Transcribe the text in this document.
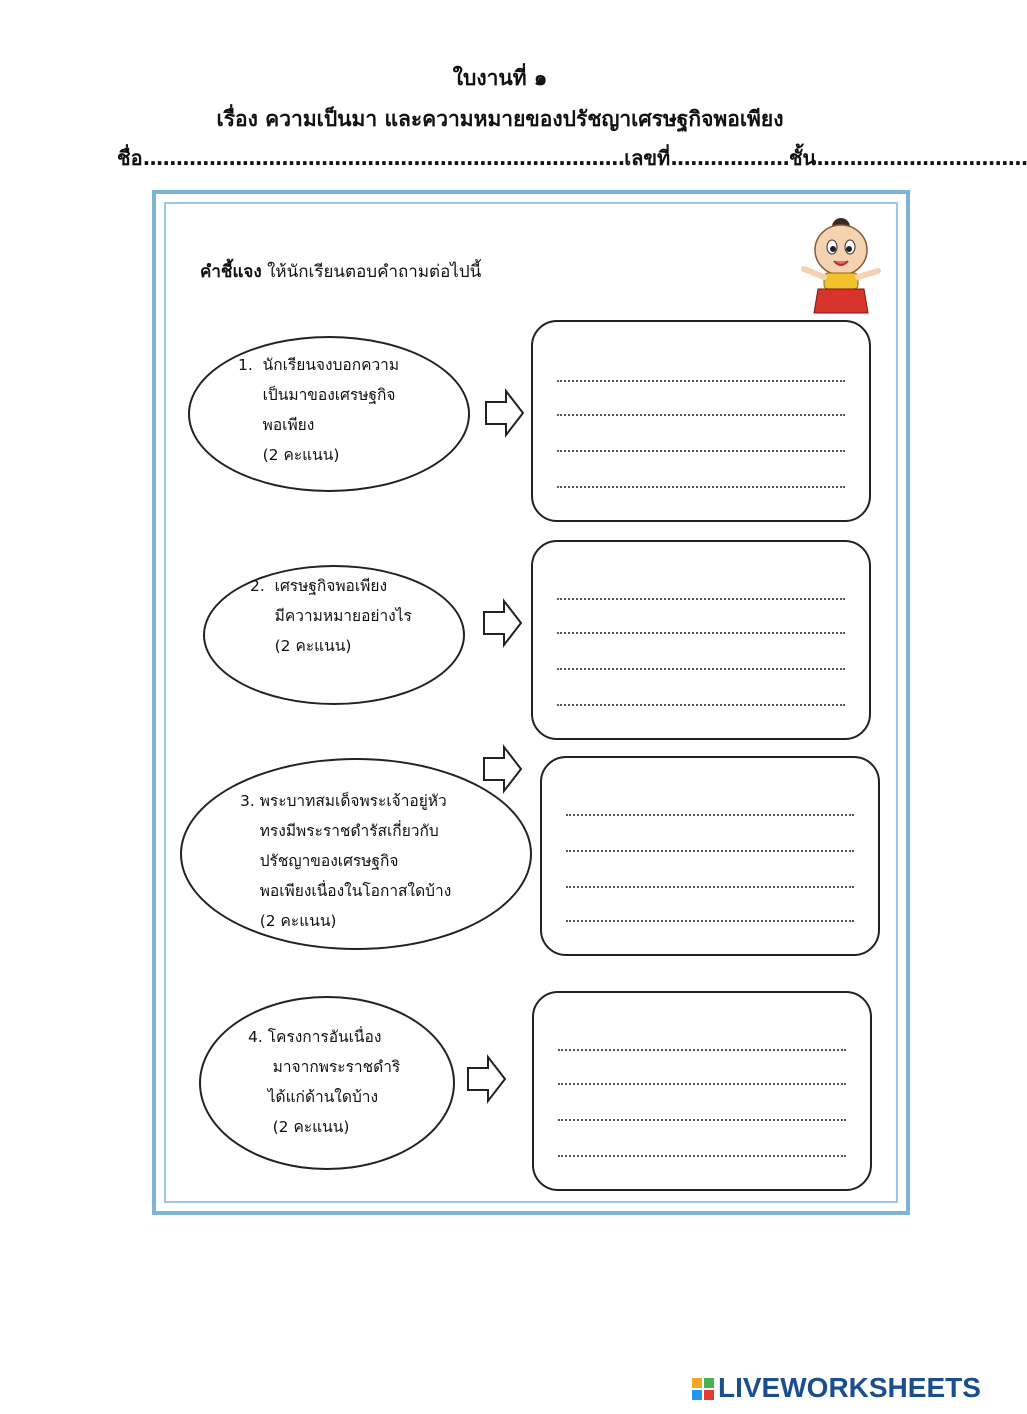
ใบงานที่ ๑
เรื่อง ความเป็นมา และความหมายของปรัชญาเศรษฐกิจพอเพียง
ชื่อ.........................................................................เลขที่..................ชั้น................................
คำชี้แจง ให้นักเรียนตอบคำถามต่อไปนี้
1.  นักเรียนจงบอกความ
เป็นมาของเศรษฐกิจ
พอเพียง
(2 คะแนน)
2.  เศรษฐกิจพอเพียง
มีความหมายอย่างไร
(2 คะแนน)
3. พระบาทสมเด็จพระเจ้าอยู่หัว
ทรงมีพระราชดำรัสเกี่ยวกับ
ปรัชญาของเศรษฐกิจ
พอเพียงเนื่องในโอกาสใดบ้าง
(2 คะแนน)
4. โครงการอันเนื่อง
มาจากพระราชดำริ
ได้แก่ด้านใดบ้าง
(2 คะแนน)
LIVEWORKSHEETS
